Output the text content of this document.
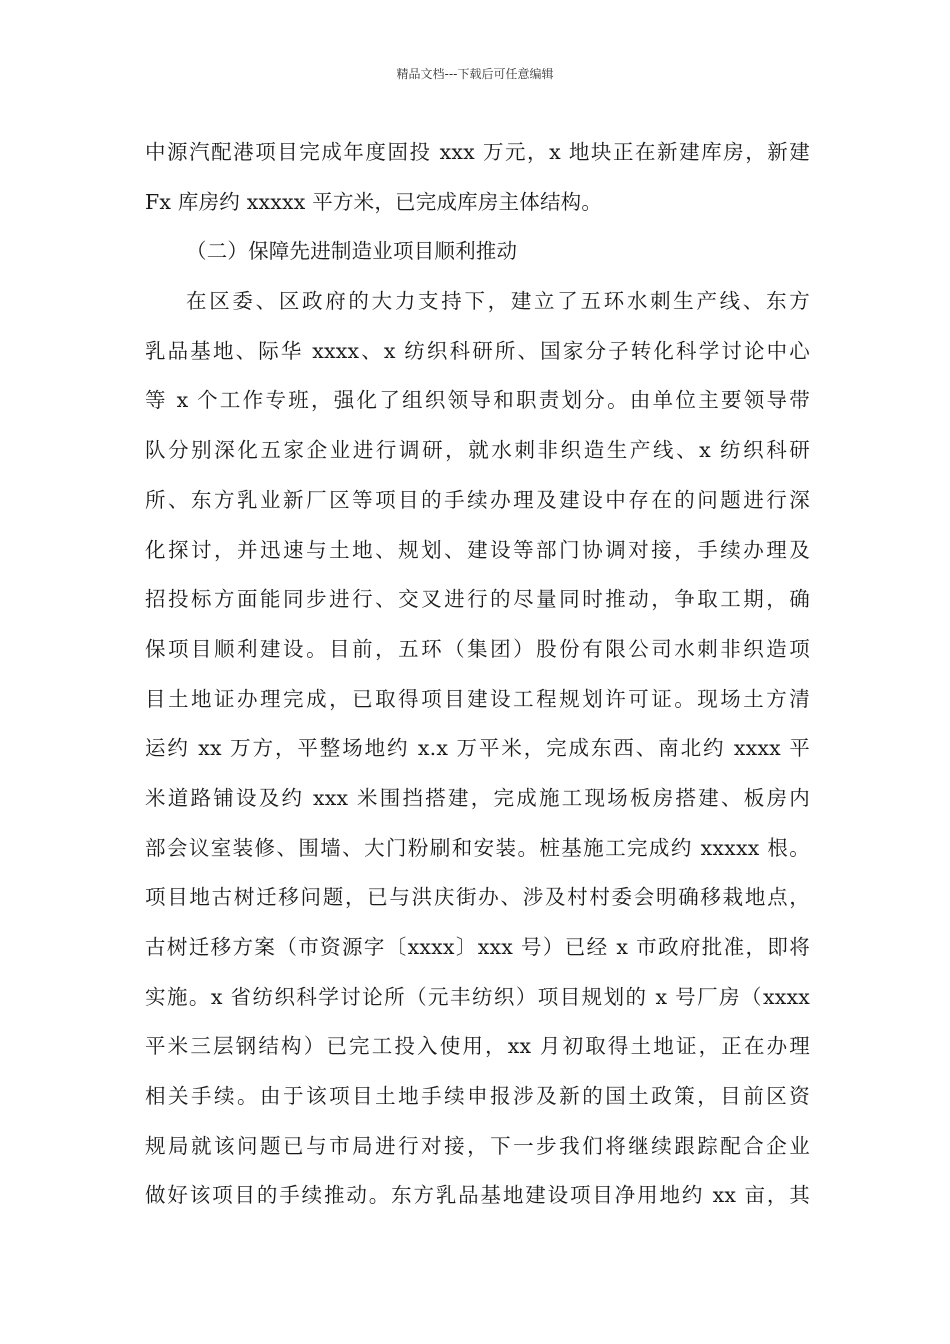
精品文档---下载后可任意编辑
中源汽配港项目完成年度固投 xxx 万元，x 地块正在新建库房，新建
Fx 库房约 xxxxx 平方米，已完成库房主体结构。
（二）保障先进制造业项目顺利推动
在区委、区政府的大力支持下，建立了五环水刺生产线、东方
乳品基地、际华 xxxx、x 纺织科研所、国家分子转化科学讨论中心
等 x 个工作专班，强化了组织领导和职责划分。由单位主要领导带
队分别深化五家企业进行调研，就水刺非织造生产线、x 纺织科研
所、东方乳业新厂区等项目的手续办理及建设中存在的问题进行深
化探讨，并迅速与土地、规划、建设等部门协调对接，手续办理及
招投标方面能同步进行、交叉进行的尽量同时推动，争取工期，确
保项目顺利建设。目前，五环（集团）股份有限公司水刺非织造项
目土地证办理完成，已取得项目建设工程规划许可证。现场土方清
运约 xx 万方，平整场地约 x.x 万平米，完成东西、南北约 xxxx 平
米道路铺设及约 xxx 米围挡搭建，完成施工现场板房搭建、板房内
部会议室装修、围墙、大门粉刷和安装。桩基施工完成约 xxxxx 根。
项目地古树迁移问题，已与洪庆街办、涉及村村委会明确移栽地点，
古树迁移方案（市资源字〔xxxx〕xxx 号）已经 x 市政府批准，即将
实施。x 省纺织科学讨论所（元丰纺织）项目规划的 x 号厂房（xxxx
平米三层钢结构）已完工投入使用，xx 月初取得土地证，正在办理
相关手续。由于该项目土地手续申报涉及新的国土政策，目前区资
规局就该问题已与市局进行对接，下一步我们将继续跟踪配合企业
做好该项目的手续推动。东方乳品基地建设项目净用地约 xx 亩，其
